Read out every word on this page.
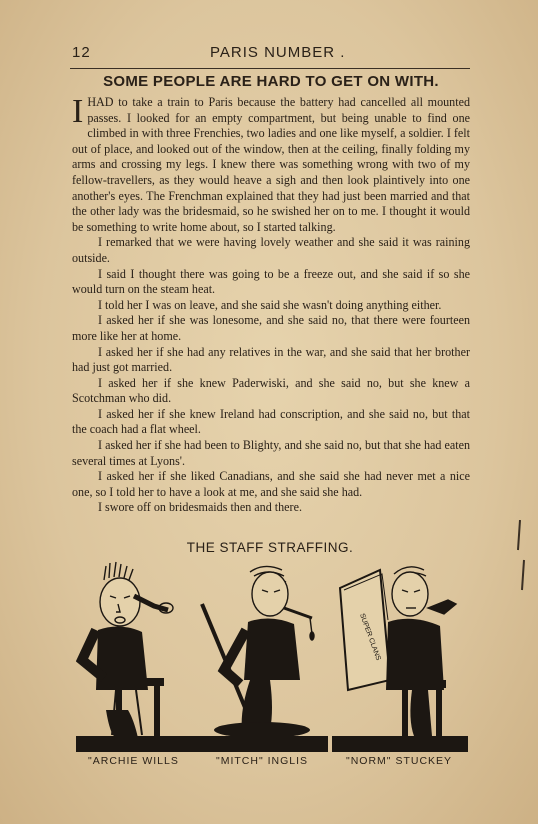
12	PARIS NUMBER .
SOME PEOPLE ARE HARD TO GET ON WITH.

IHAD to take a train to Paris because the battery had cancelled all mounted passes. I looked for an empty compartment, but being unable to find one climbed in with three Frenchies, two ladies and one like myself, a soldier. I felt out of place, and looked out of the window, then at the ceiling, finally folding my arms and crossing my legs. I knew there was something wrong with two of my fellow-travellers, as they would heave a sigh and then look plaintively into one another's eyes. The Frenchman explained that they had just been married and that the other lady was the bridesmaid, so he swished her on to me. I thought it would be something to write home about, so I started talking.

I remarked that we were having lovely weather and she said it was raining outside.

I said I thought there was going to be a freeze out, and she said if so she would turn on the steam heat.

I told her I was on leave, and she said she wasn't doing anything either.

I asked her if she was lonesome, and she said no, that there were fourteen more like her at home.

I asked her if she had any relatives in the war, and she said that her brother had just got married.

I asked her if she knew Paderwiski, and she said no, but she knew a Scotchman who did.

I asked her if she knew Ireland had conscription, and she said no, but that the coach had a flat wheel.

I asked her if she had been to Blighty, and she said no, but that she had eaten several times at Lyons'.

I asked her if she liked Canadians, and she said she had never met a nice one, so I told her to have a look at me, and she said she had.

I swore off on bridesmaids then and there.

THE STAFF STRAFFING.
SUPER CLANS
"ARCHIE WILLS	"MITCH" INGLIS	"NORM" STUCKEY
